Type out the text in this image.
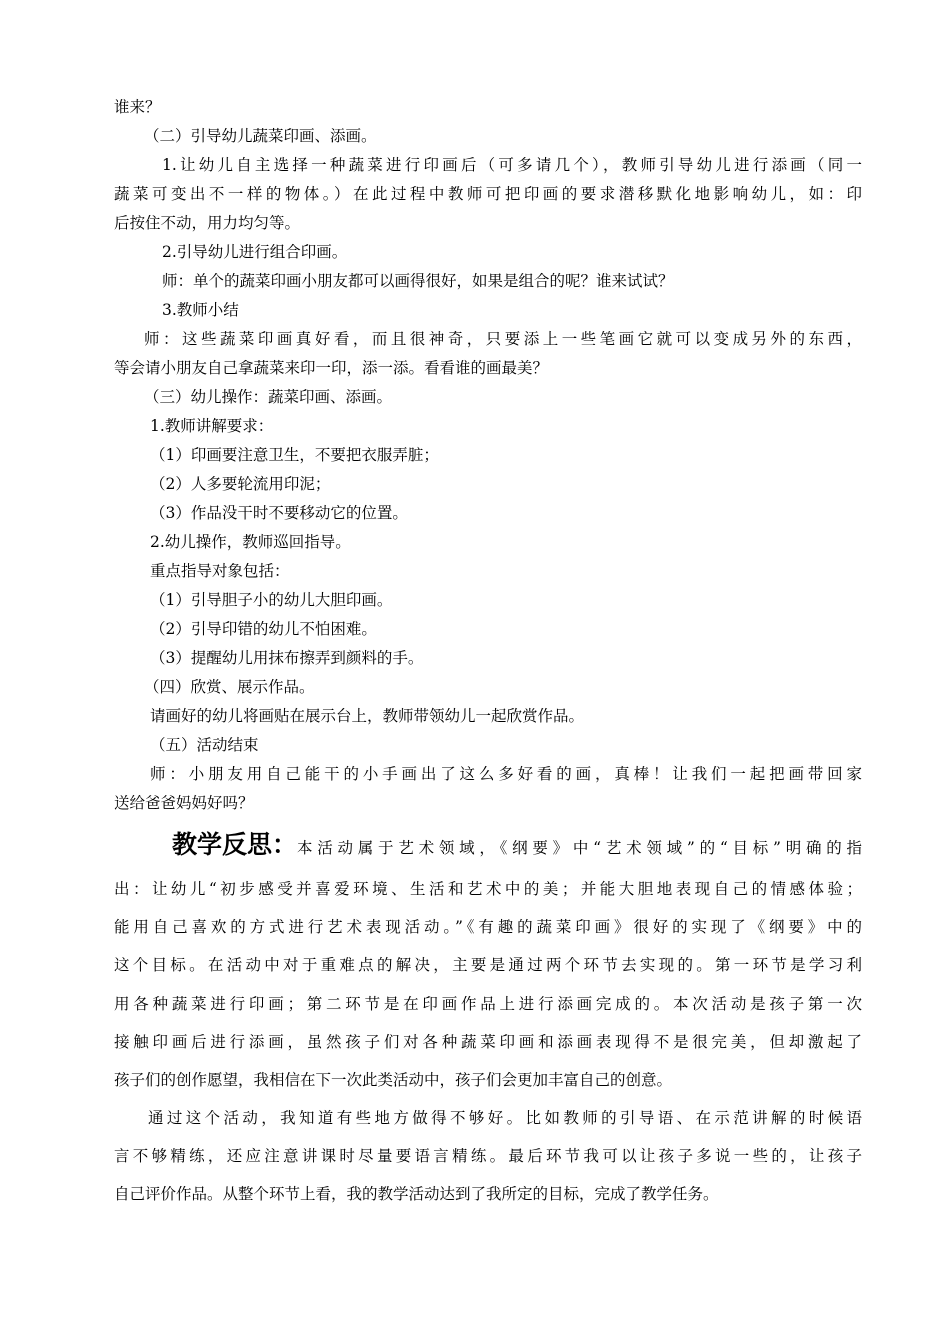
谁来？
（二）引导幼儿蔬菜印画、添画。
1.让幼儿自主选择一种蔬菜进行印画后（可多请几个），教师引导幼儿进行添画（同一
蔬菜可变出不一样的物体。）在此过程中教师可把印画的要求潜移默化地影响幼儿，如：印
后按住不动，用力均匀等。
2.引导幼儿进行组合印画。
师：单个的蔬菜印画小朋友都可以画得很好，如果是组合的呢？谁来试试？
3.教师小结
师：这些蔬菜印画真好看，而且很神奇，只要添上一些笔画它就可以变成另外的东西，
等会请小朋友自己拿蔬菜来印一印，添一添。看看谁的画最美？
（三）幼儿操作：蔬菜印画、添画。
1.教师讲解要求：
（1）印画要注意卫生，不要把衣服弄脏；
（2）人多要轮流用印泥；
（3）作品没干时不要移动它的位置。
2.幼儿操作，教师巡回指导。
重点指导对象包括：
（1）引导胆子小的幼儿大胆印画。
（2）引导印错的幼儿不怕困难。
（3）提醒幼儿用抹布擦弄到颜料的手。
（四）欣赏、展示作品。
请画好的幼儿将画贴在展示台上，教师带领幼儿一起欣赏作品。
（五）活动结束
师：小朋友用自己能干的小手画出了这么多好看的画，真棒！让我们一起把画带回家
送给爸爸妈妈好吗？
教学反思： 本活动属于艺术领域，《纲要》中“艺术领域”的“目标”明确的指
出：让幼儿“初步感受并喜爱环境、生活和艺术中的美；并能大胆地表现自己的情感体验；
能用自己喜欢的方式进行艺术表现活动。”《有趣的蔬菜印画》很好的实现了《纲要》中的
这个目标。在活动中对于重难点的解决，主要是通过两个环节去实现的。第一环节是学习利
用各种蔬菜进行印画；第二环节是在印画作品上进行添画完成的。本次活动是孩子第一次
接触印画后进行添画，虽然孩子们对各种蔬菜印画和添画表现得不是很完美，但却激起了
孩子们的创作愿望，我相信在下一次此类活动中，孩子们会更加丰富自己的创意。
通过这个活动，我知道有些地方做得不够好。比如教师的引导语、在示范讲解的时候语
言不够精练，还应注意讲课时尽量要语言精练。最后环节我可以让孩子多说一些的，让孩子
自己评价作品。从整个环节上看，我的教学活动达到了我所定的目标，完成了教学任务。
